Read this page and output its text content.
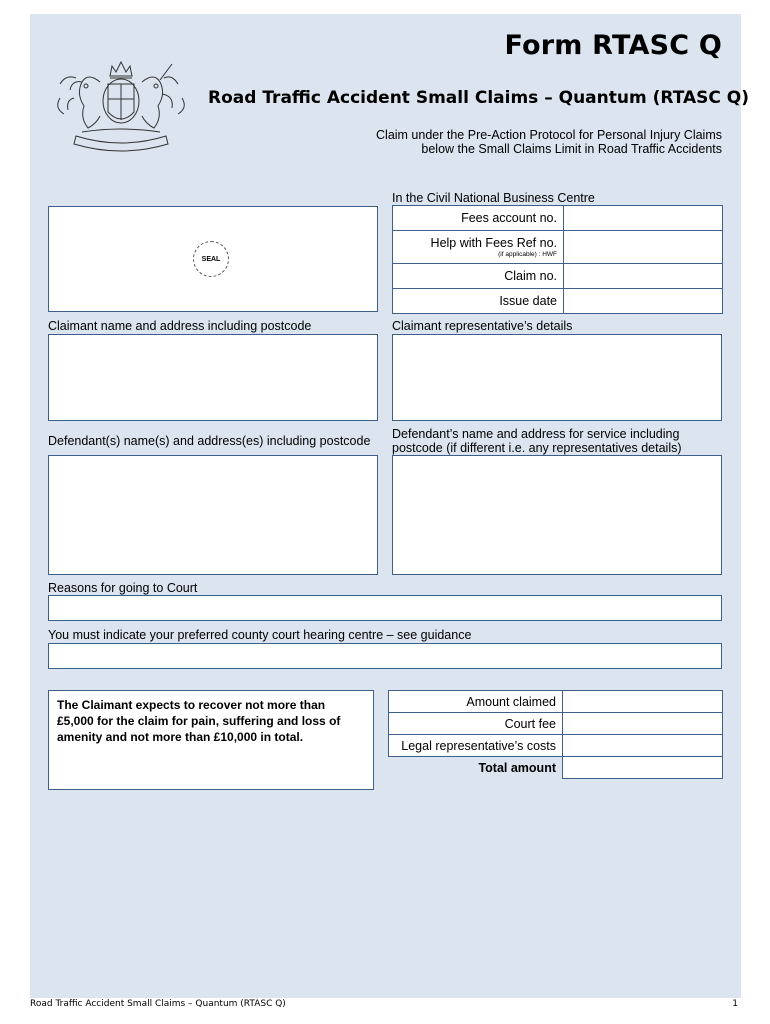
Form RTASC Q
Road Traffic Accident Small Claims – Quantum (RTASC Q)
Claim under the Pre-Action Protocol for Personal Injury Claims
below the Small Claims Limit in Road Traffic Accidents
In the Civil National Business Centre
SEAL
Fees account no.	
Help with Fees Ref no.
(if applicable) : HWF	

Claim no.	
Issue date	
Claimant name and address including postcode	Claimant representative’s details
Defendant(s) name(s) and address(es) including postcode Defendant’s name and address for service including
postcode (if different i.e. any representatives details)
Reasons for going to Court
You must indicate your preferred county court hearing centre – see guidance
The Claimant expects to recover not more than £5,000 for the claim for pain, suffering and loss of amenity and not more than £10,000 in total.
Amount claimed	
Court fee	
Legal representative’s costs	
Total amount	
Road Traffic Accident Small Claims – Quantum (RTASC Q)	1
